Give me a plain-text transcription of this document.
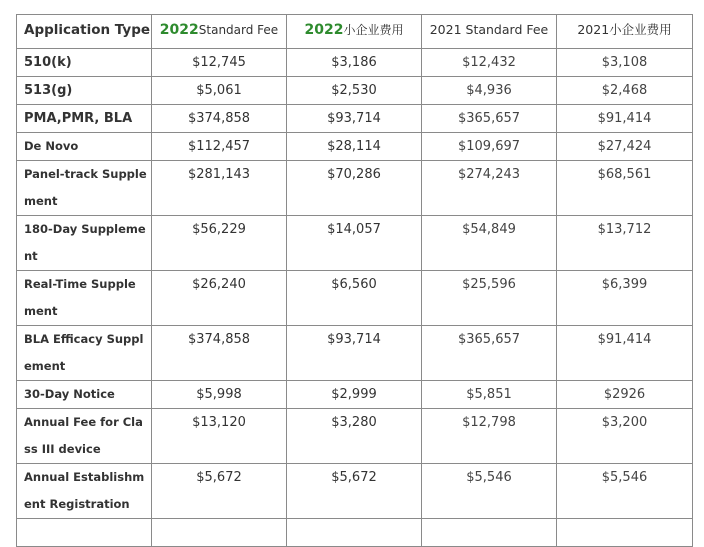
Application Type	2022Standard Fee	2022小企业费用	2021 Standard Fee	2021小企业费用
510(k)	$12,745	$3,186	$12,432	$3,108
513(g)	$5,061	$2,530	$4,936	$2,468
PMA,PMR, BLA	$374,858	$93,714	$365,657	$91,414
De Novo	$112,457	$28,114	$109,697	$27,424
Panel-track Supplement	$281,143	$70,286	$274,243	$68,561
180-Day Supplement	$56,229	$14,057	$54,849	$13,712
Real-Time Supplement	$26,240	$6,560	$25,596	$6,399
BLA Efficacy Supplement	$374,858	$93,714	$365,657	$91,414
30-Day Notice	$5,998	$2,999	$5,851	$2926
Annual Fee for Class III device	$13,120	$3,280	$12,798	$3,200
Annual Establishment Registration	$5,672	$5,672	$5,546	$5,546
